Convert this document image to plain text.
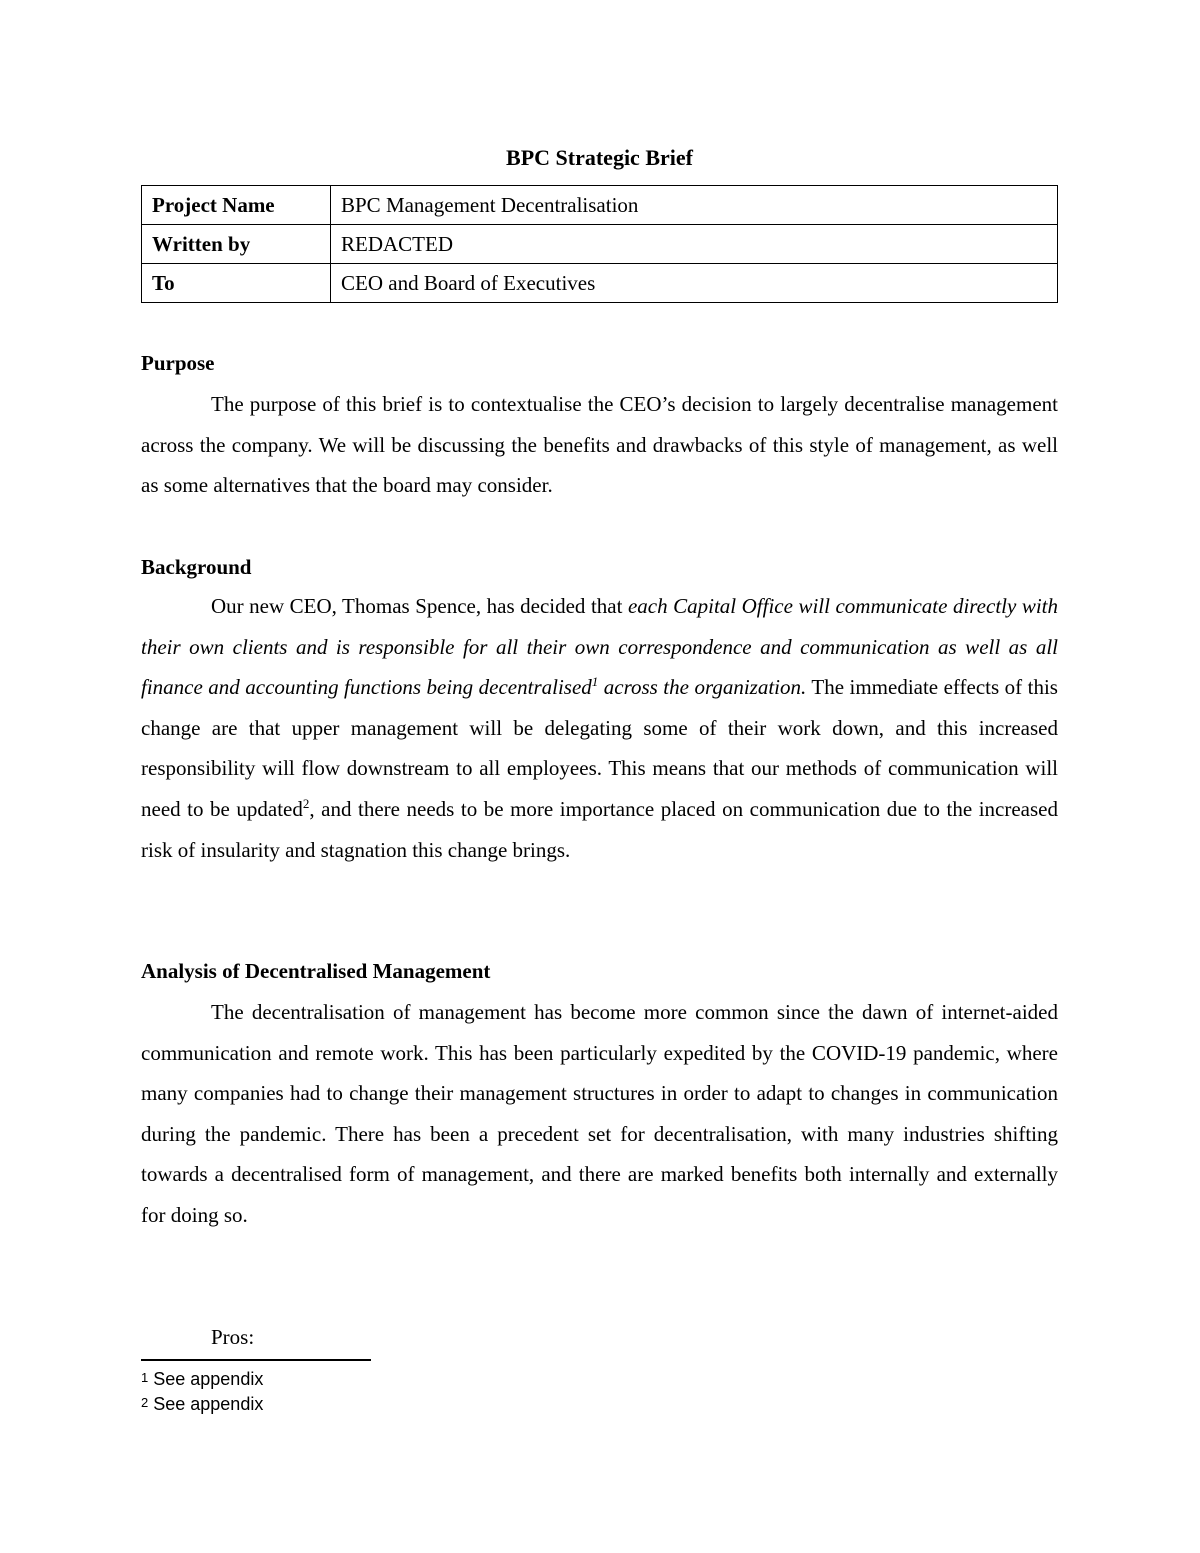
BPC Strategic Brief
Project Name	BPC Management Decentralisation
Written by	REDACTED
To	CEO and Board of Executives
Purpose
The purpose of this brief is to contextualise the CEO’s decision to largely decentralise management across the company. We will be discussing the benefits and drawbacks of this style of management, as well as some alternatives that the board may consider.
Background
Our new CEO, Thomas Spence, has decided that each Capital Office will communicate directly with their own clients and is responsible for all their own correspondence and communication as well as all finance and accounting functions being decentralised$^1$ across the organization. The immediate effects of this change are that upper management will be delegating some of their work down, and this increased responsibility will flow downstream to all employees. This means that our methods of communication will need to be updated$^2$, and there needs to be more importance placed on communication due to the increased risk of insularity and stagnation this change brings.
Analysis of Decentralised Management
The decentralisation of management has become more common since the dawn of internet-aided communication and remote work. This has been particularly expedited by the COVID-19 pandemic, where many companies had to change their management structures in order to adapt to changes in communication during the pandemic. There has been a precedent set for decentralisation, with many industries shifting towards a decentralised form of management, and there are marked benefits both internally and externally for doing so.
Pros:
1 See appendix
2 See appendix
